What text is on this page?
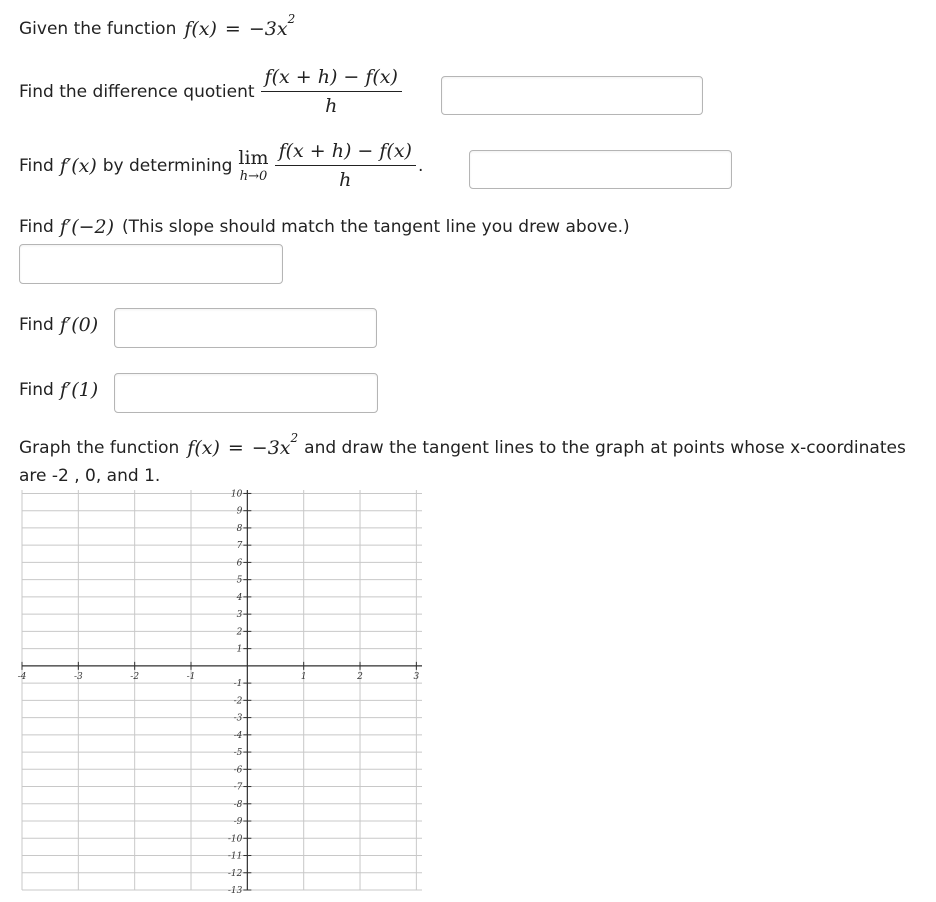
Given the function $f(x) = -3x^2$
Find the difference quotient $\frac{f(x + h) - f(x)}{h}$
Find f′(x) by determining lim
$h\to 0 \frac{f(x + h) - f(x)}{h}$ .
Find f′(−2) (This slope should match the tangent line you drew above.)
Find f′(0)
Find f′(1)
Graph the function $f(x) = -3x^2$ and draw the tangent lines to the graph at points whose x-coordinates
are -2 , 0, and 1.
-4	-3	-2	-1	1	2	3
10
9
8
7
6
5
4
3
2
1
-1
-2
-3
-4
-5
-6
-7
-8
-9
-10
-11
-12
-13
